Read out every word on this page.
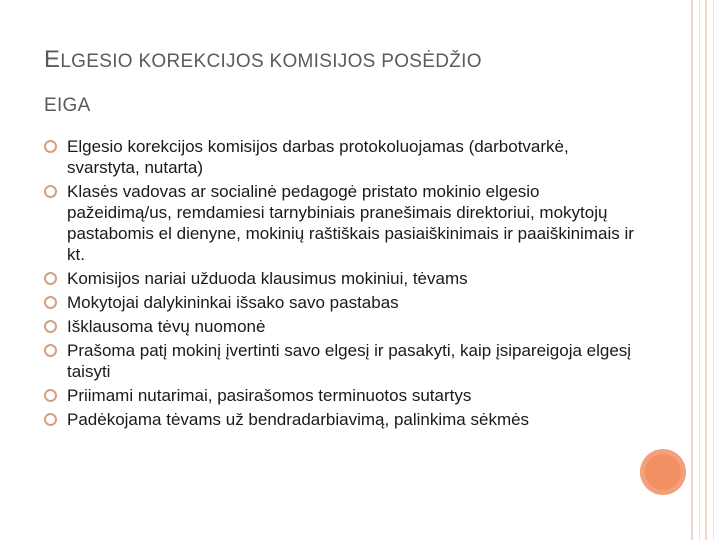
ELGESIO KOREKCIJOS KOMISIJOS POSĖDŽIO
EIGA
Elgesio korekcijos komisijos darbas protokoluojamas (darbotvarkė, svarstyta, nutarta)
Klasės vadovas ar socialinė pedagogė pristato mokinio elgesio pažeidimą/us, remdamiesi tarnybiniais pranešimais direktoriui, mokytojų pastabomis el dienyne, mokinių raštiškais pasiaiškinimais ir paaiškinimais ir kt.
Komisijos nariai užduoda klausimus mokiniui, tėvams
Mokytojai dalykininkai išsako savo pastabas
Išklausoma tėvų nuomonė
Prašoma patį mokinį įvertinti savo elgesį ir pasakyti, kaip įsipareigoja elgesį taisyti
Priimami nutarimai, pasirašomos terminuotos sutartys
Padėkojama tėvams už bendradarbiavimą, palinkima sėkmės
